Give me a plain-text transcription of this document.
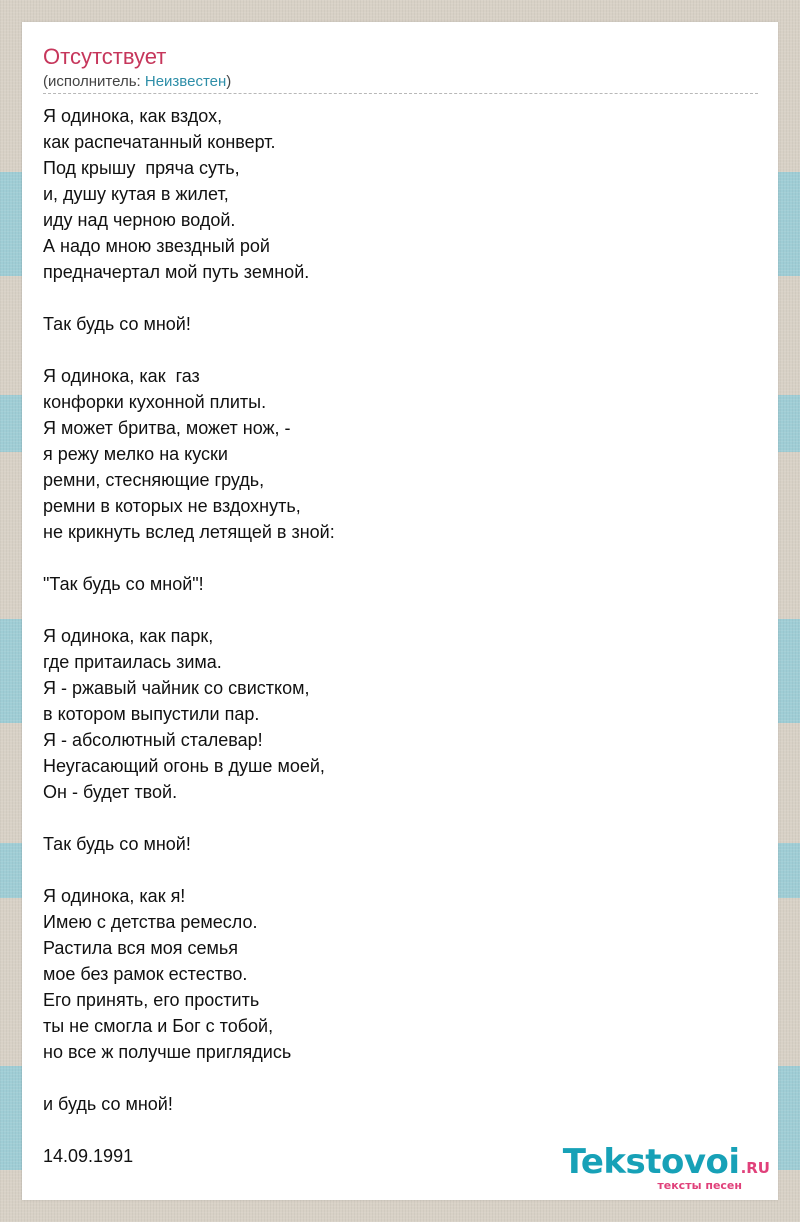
Отсутствует
(исполнитель: Неизвестен)
Я одинока, как вздох,
как распечатанный конверт.
Под крышу  пряча суть,
и, душу кутая в жилет,
иду над черною водой.
А надо мною звездный рой
предначертал мой путь земной.
Так будь со мной!
Я одинока, как  газ
конфорки кухонной плиты.
Я может бритва, может нож, -
я режу мелко на куски
ремни, стесняющие грудь,
ремни в которых не вздохнуть,
не крикнуть вслед летящей в зной:
"Так будь со мной"!
Я одинока, как парк,
где притаилась зима.
Я - ржавый чайник со свистком,
в котором выпустили пар.
Я - абсолютный сталевар!
Неугасающий огонь в душе моей,
Он - будет твой.
Так будь со мной!
Я одинока, как я!
Имею с детства ремесло.
Растила вся моя семья
мое без рамок естество.
Его принять, его простить
ты не смогла и Бог с тобой,
но все ж получше приглядись
и будь со мной!
14.09.1991	Tekstovoi.RU
тексты песен
